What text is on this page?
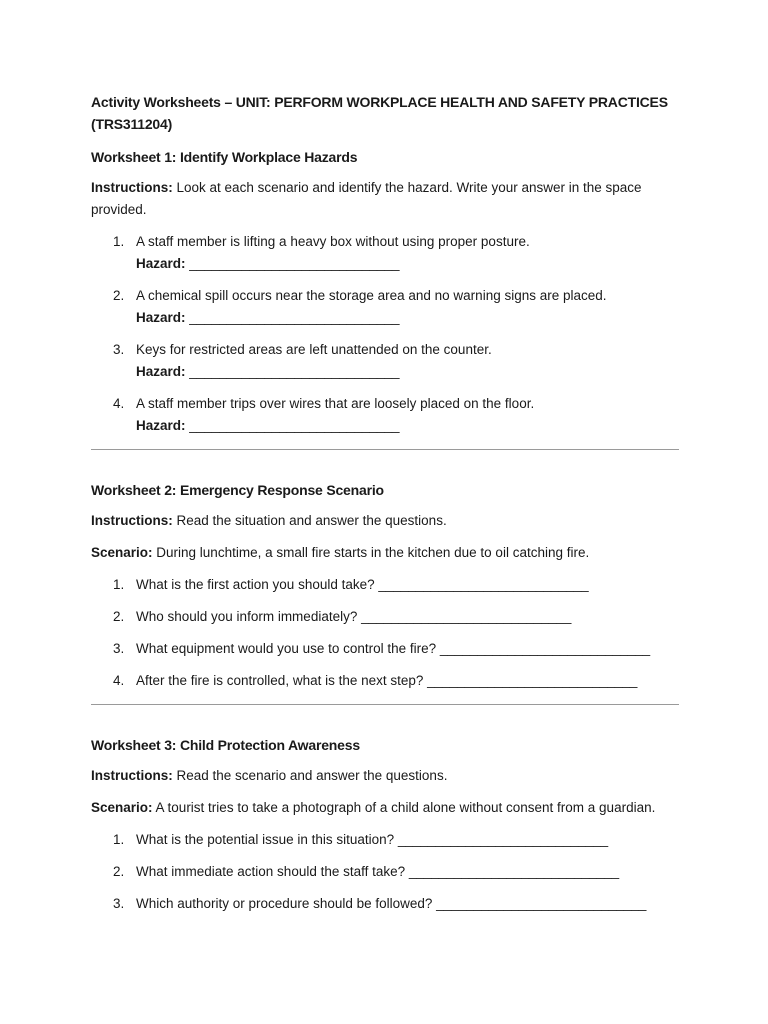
Activity Worksheets – UNIT: PERFORM WORKPLACE HEALTH AND SAFETY PRACTICES (TRS311204)

Worksheet 1: Identify Workplace Hazards

Instructions: Look at each scenario and identify the hazard. Write your answer in the space provided.

1. A staff member is lifting a heavy box without using proper posture.
Hazard: ____________________________
2. A chemical spill occurs near the storage area and no warning signs are placed.
Hazard: ____________________________
3. Keys for restricted areas are left unattended on the counter.
Hazard: ____________________________
4. A staff member trips over wires that are loosely placed on the floor.
Hazard: ____________________________

Worksheet 2: Emergency Response Scenario

Instructions: Read the situation and answer the questions.

Scenario: During lunchtime, a small fire starts in the kitchen due to oil catching fire.

1. What is the first action you should take? ____________________________
2. Who should you inform immediately? ____________________________
3. What equipment would you use to control the fire? ____________________________
4. After the fire is controlled, what is the next step? ____________________________

Worksheet 3: Child Protection Awareness

Instructions: Read the scenario and answer the questions.

Scenario: A tourist tries to take a photograph of a child alone without consent from a guardian.

1. What is the potential issue in this situation? ____________________________
2. What immediate action should the staff take? ____________________________
3. Which authority or procedure should be followed? ____________________________
